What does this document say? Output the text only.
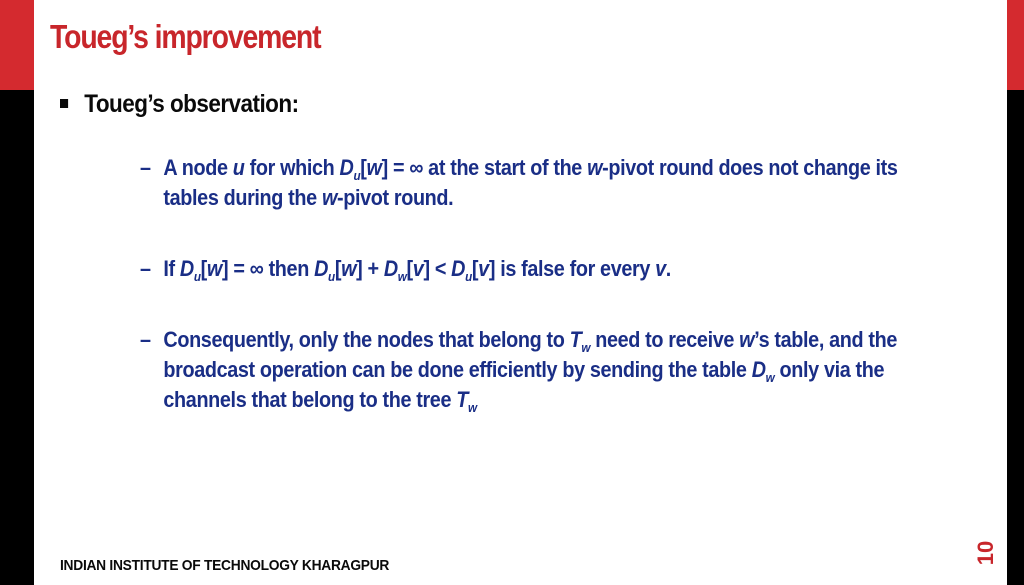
Toueg’s improvement
Toueg’s observation:
– A node u for which $D_u[w]$ = ∞ at the start of the w-pivot round does not change its tables during the w-pivot round.
– If $D_u[w]$ = ∞ then $D_u[w] + D_w[v] < D_u[v]$ is false for every v.
– Consequently, only the nodes that belong to $T_w$ need to receive w’s table, and the broadcast operation can be done efficiently by sending the table $D_w$ only via the channels that belong to the tree $T_w$
INDIAN INSTITUTE OF TECHNOLOGY KHARAGPUR
10
